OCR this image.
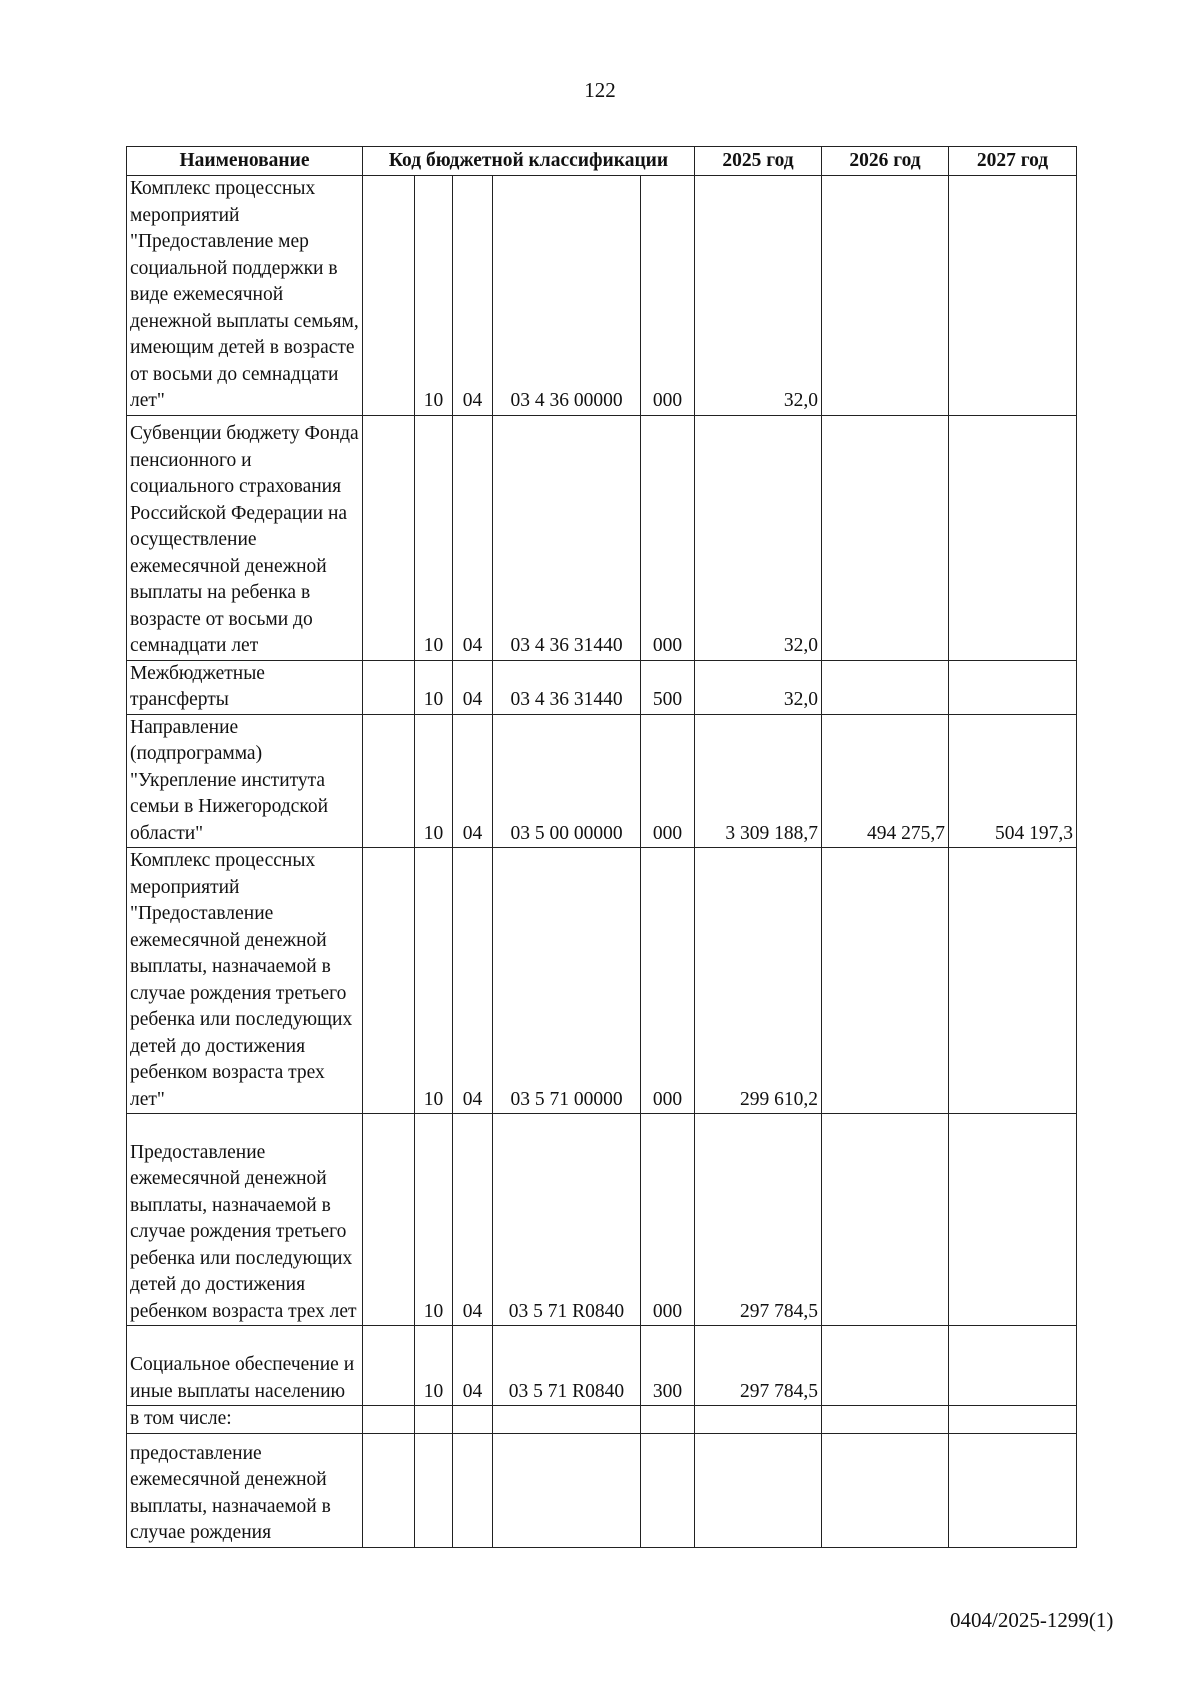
122
Наименование	Код бюджетной классификации					2025 год	2026 год	2027 год
Комплекс процессных мероприятий "Предоставление мер социальной поддержки в виде ежемесячной денежной выплаты семьям, имеющим детей в возрасте от восьми до семнадцати лет"		10	04	03 4 36 00000	000	32,0		
Субвенции бюджету Фонда пенсионного и социального страхования Российской Федерации на осуществление ежемесячной денежной выплаты на ребенка в возрасте от восьми до семнадцати лет		10	04	03 4 36 31440	000	32,0		
Межбюджетные трансферты		10	04	03 4 36 31440	500	32,0		
Направление (подпрограмма) "Укрепление института семьи в Нижегородской области"		10	04	03 5 00 00000	000	3 309 188,7	494 275,7	504 197,3
Комплекс процессных мероприятий "Предоставление ежемесячной денежной выплаты, назначаемой в случае рождения третьего ребенка или последующих детей до достижения ребенком возраста трех лет"		10	04	03 5 71 00000	000	299 610,2		
Предоставление ежемесячной денежной выплаты, назначаемой в случае рождения третьего ребенка или последующих детей до достижения ребенком возраста трех лет		10	04	03 5 71 R0840	000	297 784,5		
Социальное обеспечение и иные выплаты населению		10	04	03 5 71 R0840	300	297 784,5		
в том числе:								
предоставление ежемесячной денежной выплаты, назначаемой в случае рождения								
0404/2025-1299(1)
